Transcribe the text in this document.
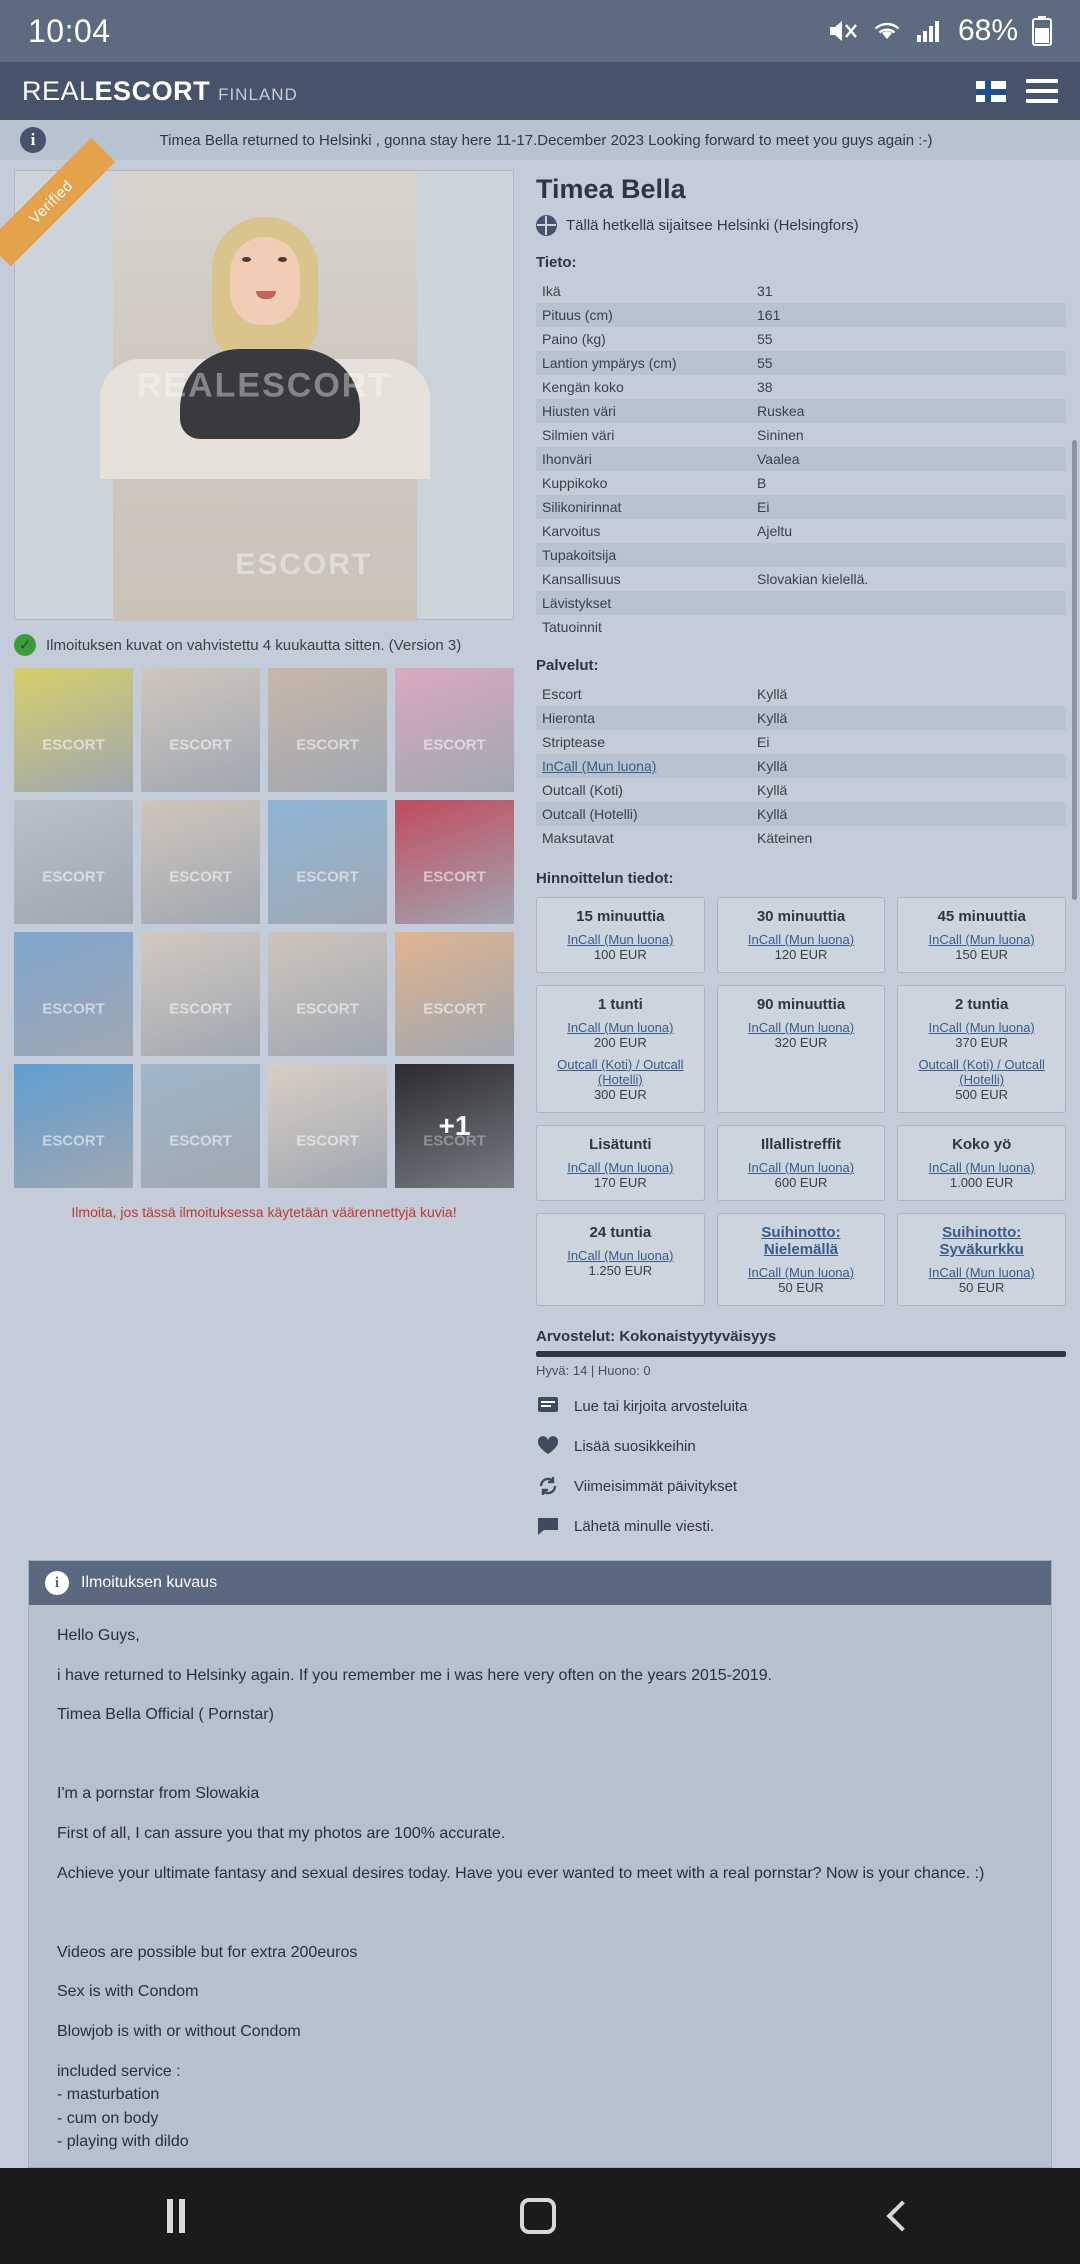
10:04	68%
REALESCORT FINLAND
i	Timea Bella returned to Helsinki , gonna stay here 11-17.December 2023 Looking forward to meet you guys again :-)
REALESCORT
ESCORT
Verified
✓ Ilmoituksen kuvat on vahvistettu 4 kuukautta sitten. (Version 3)
ESCORT	ESCORT	ESCORT	ESCORT
ESCORT	ESCORT	ESCORT	ESCORT
ESCORT	ESCORT	ESCORT	ESCORT
ESCORT	ESCORT	ESCORT	ESCORT
+1
Ilmoita, jos tässä ilmoituksessa käytetään väärennettyjä kuvia!
Timea Bella
Tällä hetkellä sijaitsee Helsinki (Helsingfors)
Tieto:
Ikä	31
Pituus (cm)	161
Paino (kg)	55
Lantion ympärys (cm)	55
Kengän koko	38
Hiusten väri	Ruskea
Silmien väri	Sininen
Ihonväri	Vaalea
Kuppikoko	B
Silikonirinnat	Ei
Karvoitus	Ajeltu
Tupakoitsija
Kansallisuus	Slovakian kielellä.
Lävistykset
Tatuoinnit
Palvelut:
Escort	Kyllä
Hieronta	Kyllä
Striptease	Ei
InCall (Mun luona)	Kyllä
Outcall (Koti)	Kyllä
Outcall (Hotelli)	Kyllä
Maksutavat	Käteinen
Hinnoittelun tiedot:
15 minuuttia
InCall (Mun luona)
100 EUR
30 minuuttia
InCall (Mun luona)
120 EUR
45 minuuttia
InCall (Mun luona)
150 EUR
1 tunti
InCall (Mun luona)
200 EUR
Outcall (Koti) / Outcall (Hotelli)
300 EUR
90 minuuttia
InCall (Mun luona)
320 EUR
2 tuntia
InCall (Mun luona)
370 EUR
Outcall (Koti) / Outcall (Hotelli)
500 EUR
Lisätunti
InCall (Mun luona)
170 EUR
Illallistreffit
InCall (Mun luona)
600 EUR
Koko yö
InCall (Mun luona)
1.000 EUR
24 tuntia
InCall (Mun luona)
1.250 EUR
Suihinotto: Nielemällä
InCall (Mun luona)
50 EUR
Suihinotto: Syväkurkku
InCall (Mun luona)
50 EUR
Arvostelut: Kokonaistyytyväisyys
Hyvä: 14 | Huono: 0
Lue tai kirjoita arvosteluita
Lisää suosikkeihin
Viimeisimmät päivitykset
Lähetä minulle viesti.
i	Ilmoituksen kuvaus

Hello Guys,

i have returned to Helsinky again. If you remember me i was here very often on the years 2015-2019.

Timea Bella Official ( Pornstar)

I'm a pornstar from Slowakia

First of all, I can assure you that my photos are 100% accurate.

Achieve your ultimate fantasy and sexual desires today. Have you ever wanted to meet with a real pornstar? Now is your chance. :)

Videos are possible but for extra 200euros

Sex is with Condom

Blowjob is with or without Condom

included service :

- masturbation

- cum on body

- playing with dildo
